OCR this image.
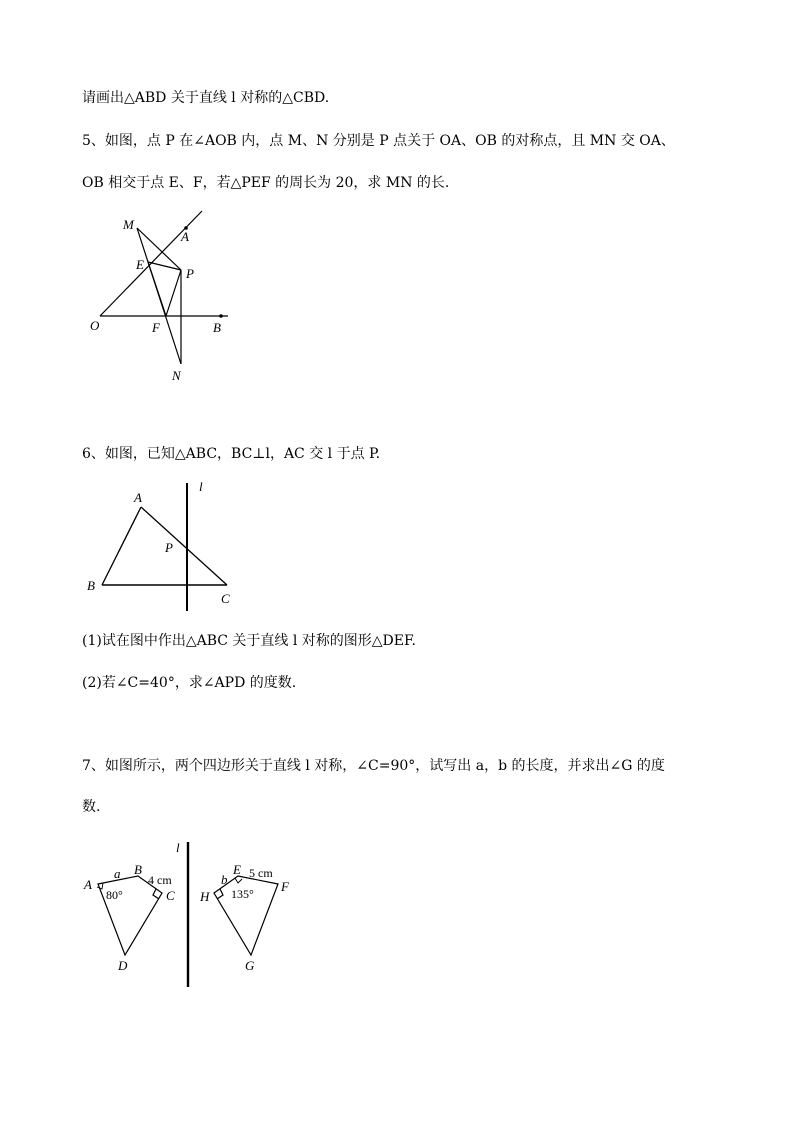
请画出△ABD 关于直线 l 对称的△CBD.
5、如图，点 P 在∠AOB 内，点 M、N 分别是 P 点关于 OA、OB 的对称点，且 MN 交 OA、
OB 相交于点 E、F，若△PEF 的周长为 20，求 MN 的长.
6、如图，已知△ABC，BC⊥l，AC 交 l 于点 P.
(1)试在图中作出△ABC 关于直线 l 对称的图形△DEF.
(2)若∠C=40°，求∠APD 的度数.
7、如图所示，两个四边形关于直线 l 对称，∠C=90°，试写出 a，b 的长度，并求出∠G 的度
数.
M
A
E
P
O	F	B
N
l
A
P
B
C
l
A
a B
4 cm
80°	C
D
b
E 5 cm
H 135° F
G
